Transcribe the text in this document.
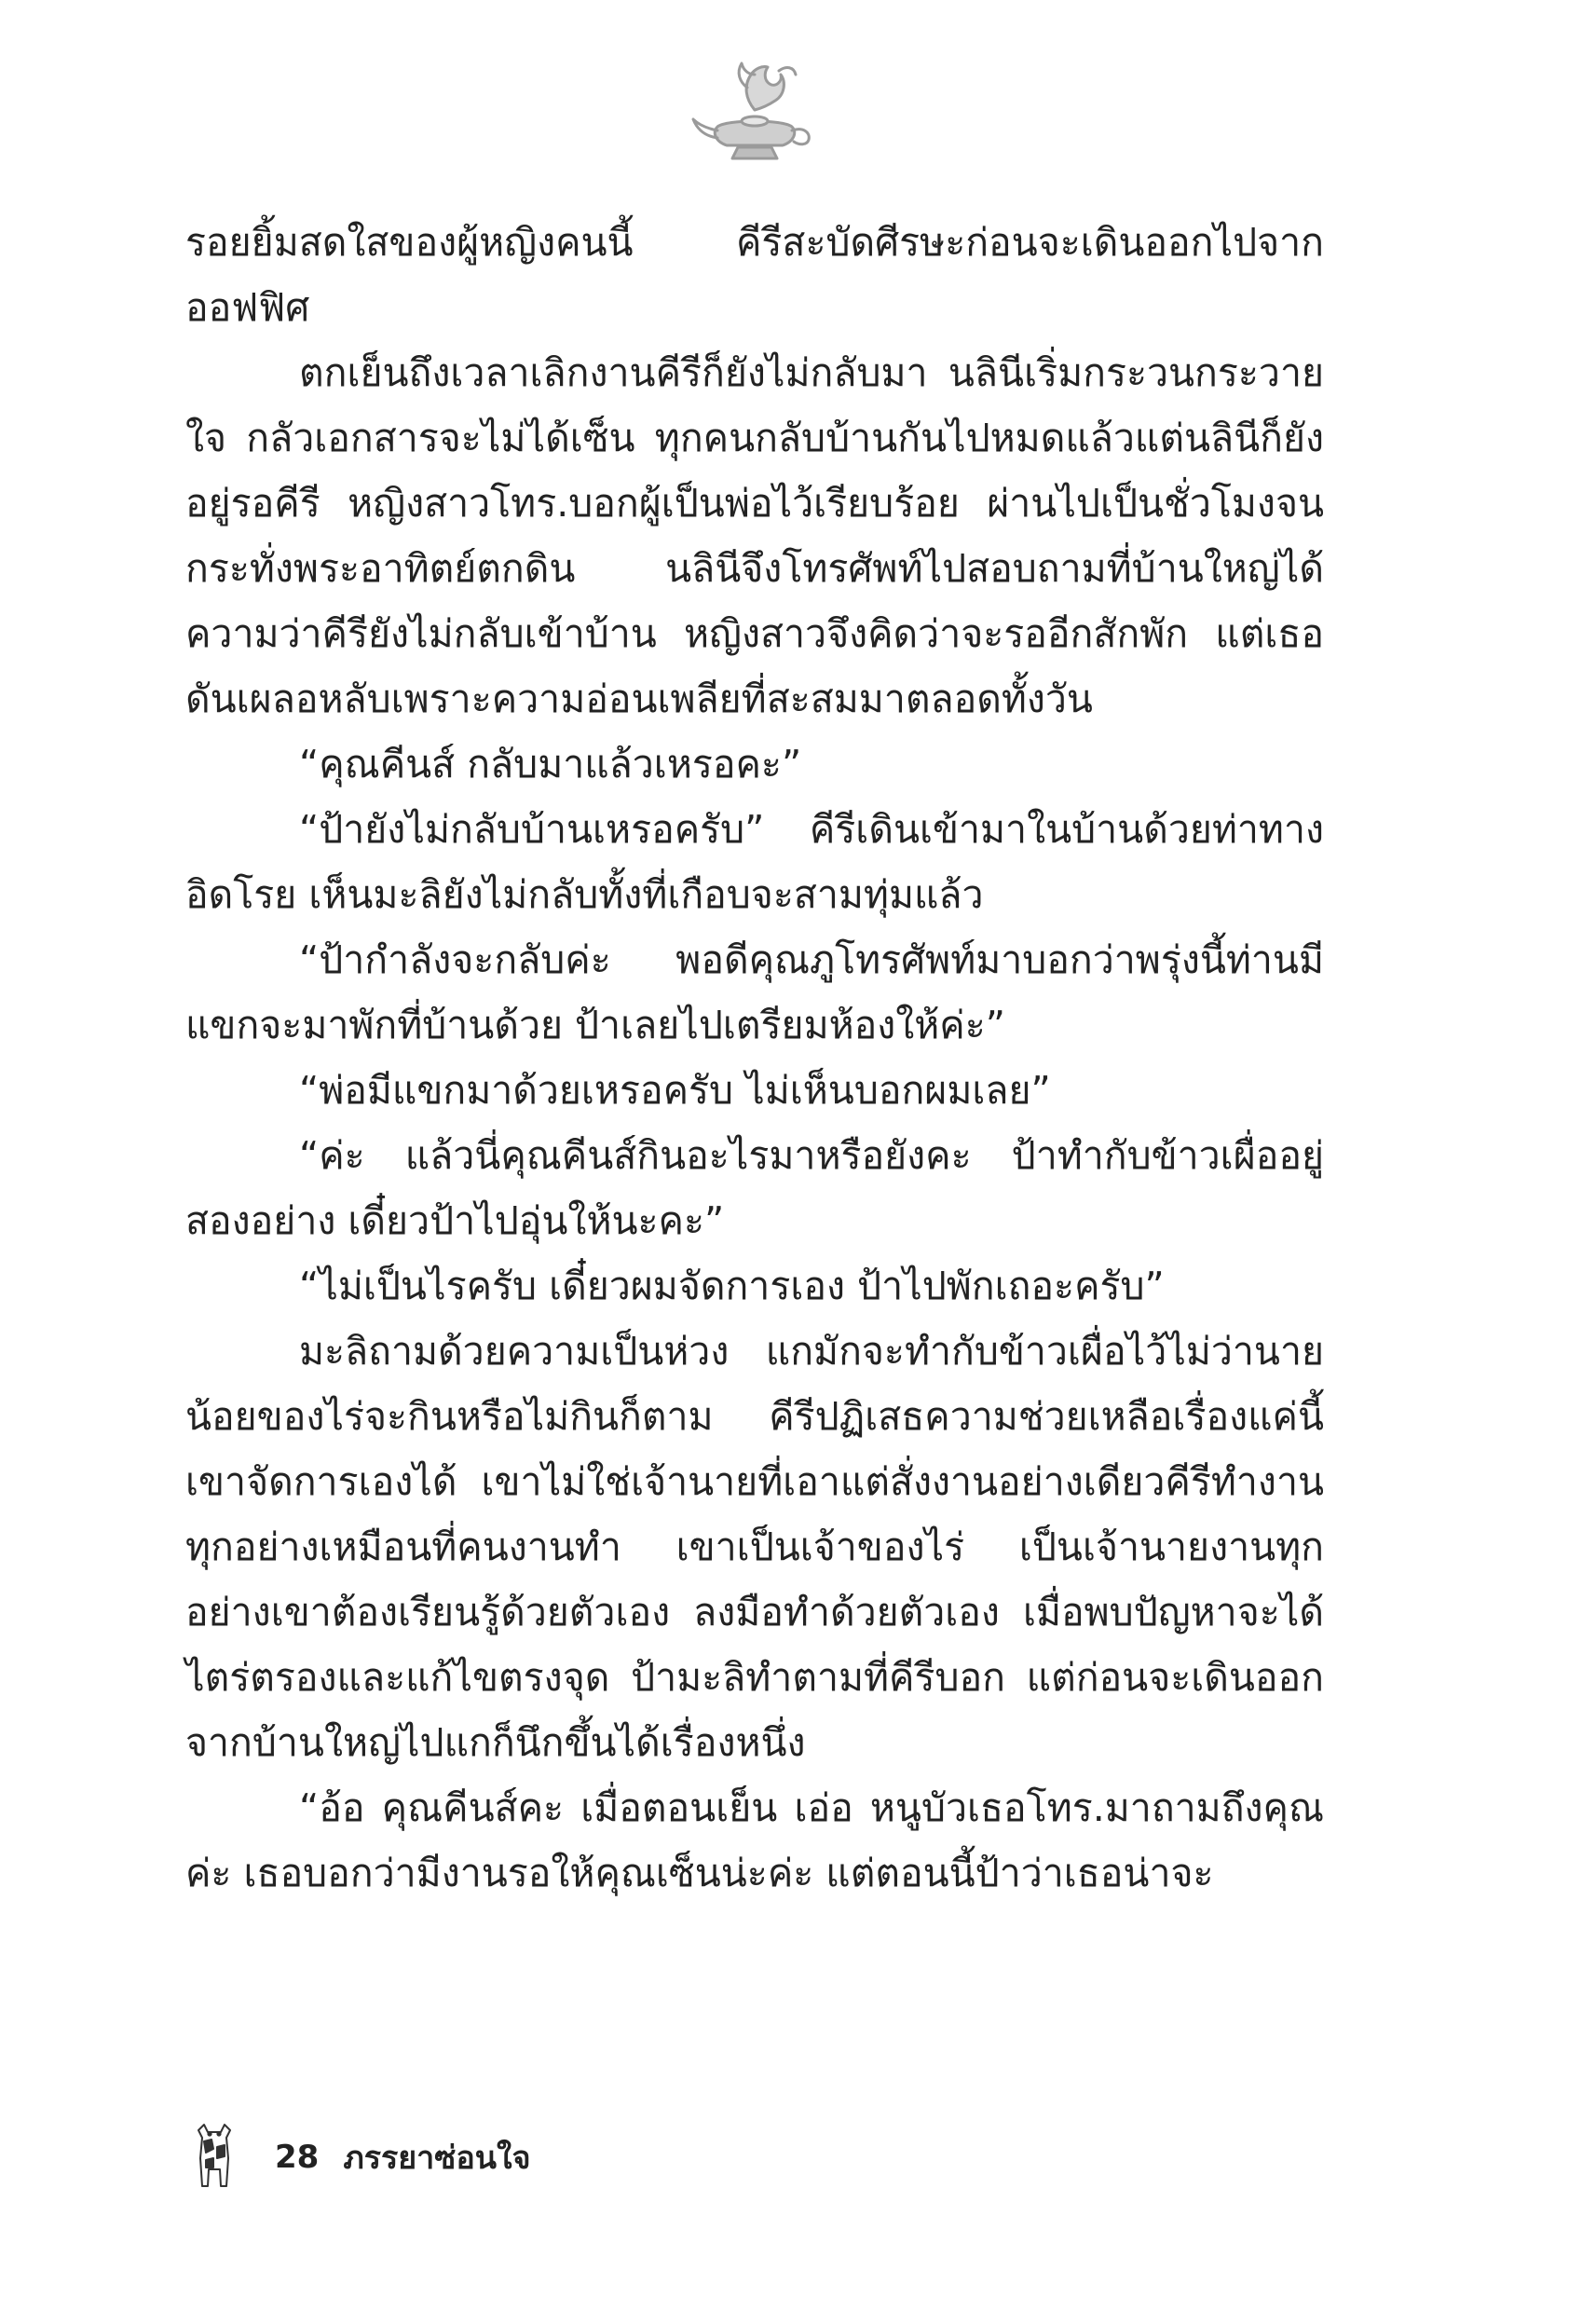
รอยยิ้มสดใสของผู้หญิงคนนี้ คีรีสะบัดศีรษะก่อนจะเดินออกไปจากออฟฟิศ

ตกเย็นถึงเวลาเลิกงานคีรีก็ยังไม่กลับมา นลินีเริ่มกระวนกระวายใจ กลัวเอกสารจะไม่ได้เซ็น ทุกคนกลับบ้านกันไปหมดแล้วแต่นลินีก็ยังอยู่รอคีรี หญิงสาวโทร.บอกผู้เป็นพ่อไว้เรียบร้อย ผ่านไปเป็นชั่วโมงจนกระทั่งพระอาทิตย์ตกดิน นลินีจึงโทรศัพท์ไปสอบถามที่บ้านใหญ่ได้ความว่าคีรียังไม่กลับเข้าบ้าน หญิงสาวจึงคิดว่าจะรออีกสักพัก แต่เธอดันเผลอหลับเพราะความอ่อนเพลียที่สะสมมาตลอดทั้งวัน

“คุณคีนส์ กลับมาแล้วเหรอคะ”

“ป้ายังไม่กลับบ้านเหรอครับ” คีรีเดินเข้ามาในบ้านด้วยท่าทางอิดโรย เห็นมะลิยังไม่กลับทั้งที่เกือบจะสามทุ่มแล้ว

“ป้ากำลังจะกลับค่ะ พอดีคุณภูโทรศัพท์มาบอกว่าพรุ่งนี้ท่านมีแขกจะมาพักที่บ้านด้วย ป้าเลยไปเตรียมห้องให้ค่ะ”

“พ่อมีแขกมาด้วยเหรอครับ ไม่เห็นบอกผมเลย”

“ค่ะ แล้วนี่คุณคีนส์กินอะไรมาหรือยังคะ ป้าทำกับข้าวเผื่ออยู่สองอย่าง เดี๋ยวป้าไปอุ่นให้นะคะ”

“ไม่เป็นไรครับ เดี๋ยวผมจัดการเอง ป้าไปพักเถอะครับ”

มะลิถามด้วยความเป็นห่วง แกมักจะทำกับข้าวเผื่อไว้ไม่ว่านายน้อยของไร่จะกินหรือไม่กินก็ตาม คีรีปฏิเสธความช่วยเหลือเรื่องแค่นี้เขาจัดการเองได้ เขาไม่ใช่เจ้านายที่เอาแต่สั่งงานอย่างเดียวคีรีทำงานทุกอย่างเหมือนที่คนงานทำ เขาเป็นเจ้าของไร่ เป็นเจ้านายงานทุกอย่างเขาต้องเรียนรู้ด้วยตัวเอง ลงมือทำด้วยตัวเอง เมื่อพบปัญหาจะได้ไตร่ตรองและแก้ไขตรงจุด ป้ามะลิทำตามที่คีรีบอก แต่ก่อนจะเดินออกจากบ้านใหญ่ไปแกก็นึกขึ้นได้เรื่องหนึ่ง

“อ้อ คุณคีนส์คะ เมื่อตอนเย็น เอ่อ หนูบัวเธอโทร.มาถามถึงคุณค่ะ เธอบอกว่ามีงานรอให้คุณเซ็นน่ะค่ะ แต่ตอนนี้ป้าว่าเธอน่าจะ

28 ภรรยาซ่อนใจ
